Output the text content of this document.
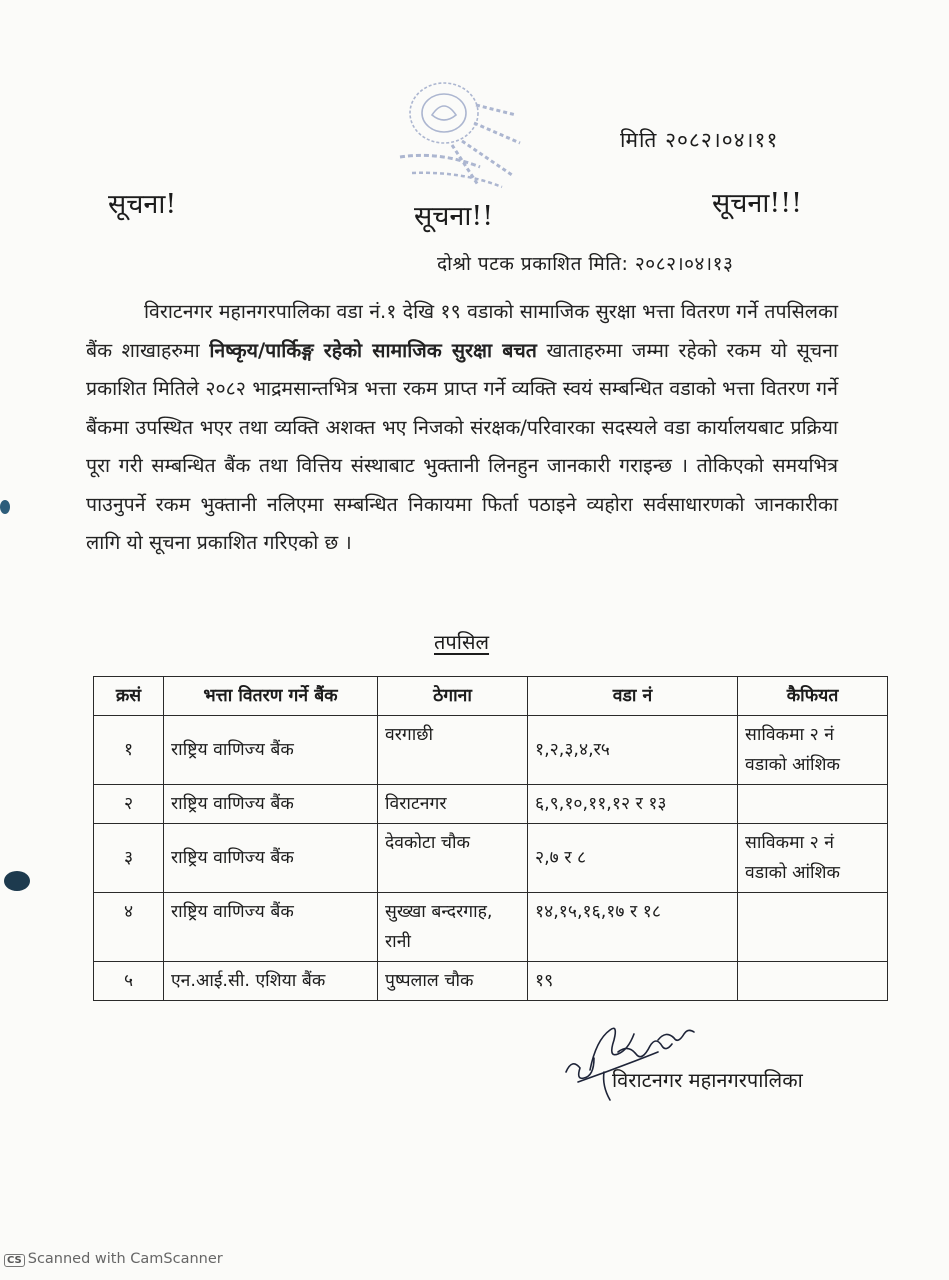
मिति २०८२।०४।११
सूचना!	सूचना!!	सूचना!!!
दोश्रो पटक प्रकाशित मिति: २०८२।०४।१३
विराटनगर महानगरपालिका वडा नं.१ देखि १९ वडाको सामाजिक सुरक्षा भत्ता वितरण गर्ने तपसिलका बैंक शाखाहरुमा निष्कृय/पार्किङ्ग रहेको सामाजिक सुरक्षा बचत खाताहरुमा जम्मा रहेको रकम यो सूचना प्रकाशित मितिले २०८२ भाद्रमसान्तभित्र भत्ता रकम प्राप्त गर्ने व्यक्ति स्वयं सम्बन्धित वडाको भत्ता वितरण गर्ने बैंकमा उपस्थित भएर तथा व्यक्ति अशक्त भए निजको संरक्षक/परिवारका सदस्यले वडा कार्यालयबाट प्रक्रिया पूरा गरी सम्बन्धित बैंक तथा वित्तिय संस्थाबाट भुक्तानी लिनहुन जानकारी गराइन्छ । तोकिएको समयभित्र पाउनुपर्ने रकम भुक्तानी नलिएमा सम्बन्धित निकायमा फिर्ता पठाइने व्यहोरा सर्वसाधारणको जानकारीका लागि यो सूचना प्रकाशित गरिएको छ ।
तपसिल
क्रसं	भत्ता वितरण गर्ने बैंक	ठेगाना	वडा नं	कैफियत
१	राष्ट्रिय वाणिज्य बैंक	वरगाछी	१,२,३,४,र५	साविकमा २ नं वडाको आंशिक
२	राष्ट्रिय वाणिज्य बैंक	विराटनगर	६,९,१०,११,१२ र १३	
३	राष्ट्रिय वाणिज्य बैंक	देवकोटा चौक	२,७ र ८	साविकमा २ नं वडाको आंशिक
४	राष्ट्रिय वाणिज्य बैंक	सुख्खा बन्दरगाह, रानी	१४,१५,१६,१७ र १८	
५	एन.आई.सी. एशिया बैंक	पुष्पलाल चौक	१९	
विराटनगर महानगरपालिका
CS Scanned with CamScanner
